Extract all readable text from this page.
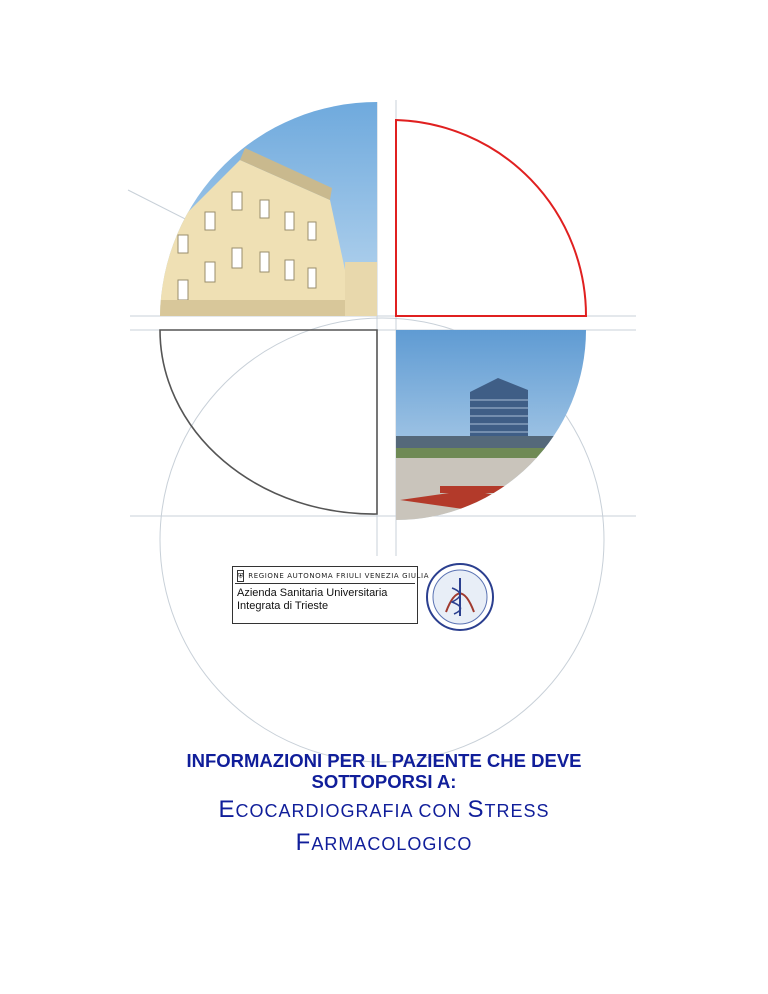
⛨ REGIONE AUTONOMA FRIULI VENEZIA GIULIA
Azienda Sanitaria Universitaria
Integrata di Trieste

INFORMAZIONI PER IL PAZIENTE CHE DEVE

SOTTOPORSI A:

ECOCARDIOGRAFIA CON STRESS

FARMACOLOGICO
